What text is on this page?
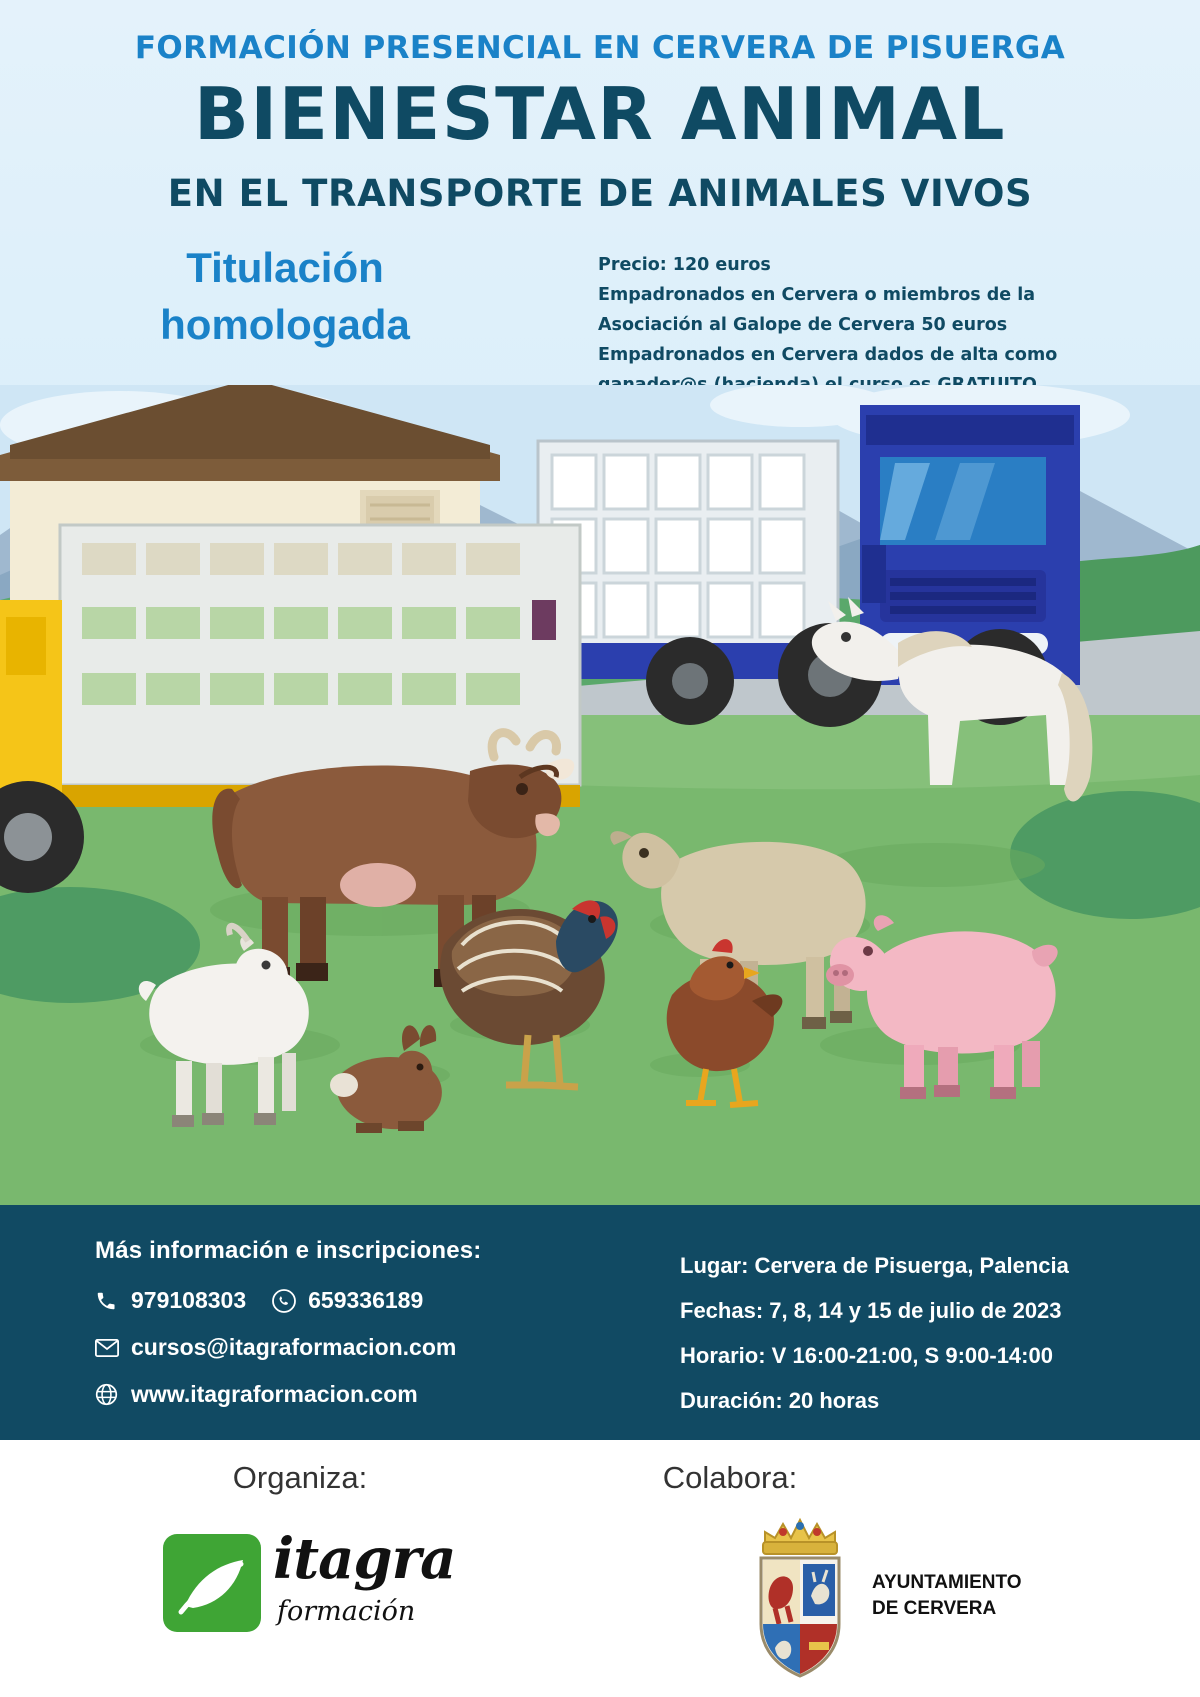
FORMACIÓN PRESENCIAL EN CERVERA DE PISUERGA
BIENESTAR ANIMAL
EN EL TRANSPORTE DE ANIMALES VIVOS
Titulación
homologada
Precio: 120 euros
Empadronados en Cervera o miembros de la
Asociación al Galope de Cervera 50 euros
Empadronados en Cervera dados de alta como
Más información e inscripciones:
979108303	659336189
cursos@itagraformacion.com
www.itagraformacion.com
Lugar: Cervera de Pisuerga, Palencia
Fechas: 7, 8, 14 y 15 de julio de 2023
Horario: V 16:00-21:00, S 9:00-14:00
Duración: 20 horas
Organiza:	Colabora:
itagra
formación
AYUNTAMIENTO
DE CERVERA
